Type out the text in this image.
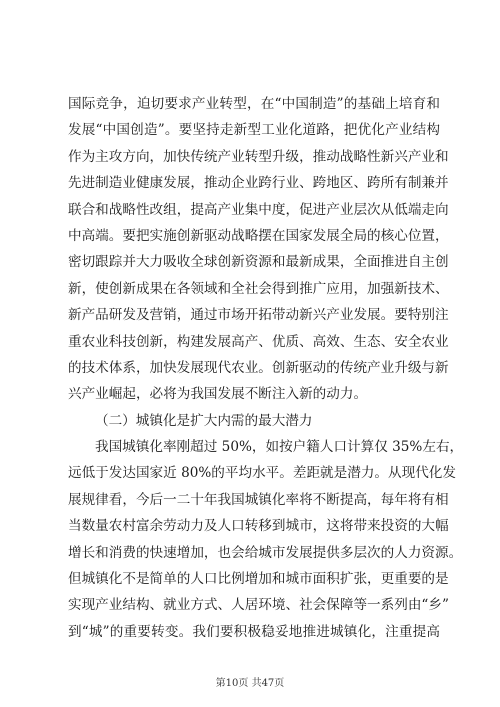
国际竞争，迫切要求产业转型，在“中国制造”的基础上培育和
发展“中国创造”。要坚持走新型工业化道路，把优化产业结构
作为主攻方向，加快传统产业转型升级，推动战略性新兴产业和
先进制造业健康发展，推动企业跨行业、跨地区、跨所有制兼并
联合和战略性改组，提高产业集中度，促进产业层次从低端走向
中高端。要把实施创新驱动战略摆在国家发展全局的核心位置，
密切跟踪并大力吸收全球创新资源和最新成果，全面推进自主创
新，使创新成果在各领域和全社会得到推广应用，加强新技术、
新产品研发及营销，通过市场开拓带动新兴产业发展。要特别注
重农业科技创新，构建发展高产、优质、高效、生态、安全农业
的技术体系，加快发展现代农业。创新驱动的传统产业升级与新
兴产业崛起，必将为我国发展不断注入新的动力。
（二）城镇化是扩大内需的最大潜力
我国城镇化率刚超过 50%，如按户籍人口计算仅 35%左右，
远低于发达国家近 80%的平均水平。差距就是潜力。从现代化发
展规律看，今后一二十年我国城镇化率将不断提高，每年将有相
当数量农村富余劳动力及人口转移到城市，这将带来投资的大幅
增长和消费的快速增加，也会给城市发展提供多层次的人力资源。
但城镇化不是简单的人口比例增加和城市面积扩张，更重要的是
实现产业结构、就业方式、人居环境、社会保障等一系列由“乡”
到“城”的重要转变。我们要积极稳妥地推进城镇化，注重提高
第10页 共47页
